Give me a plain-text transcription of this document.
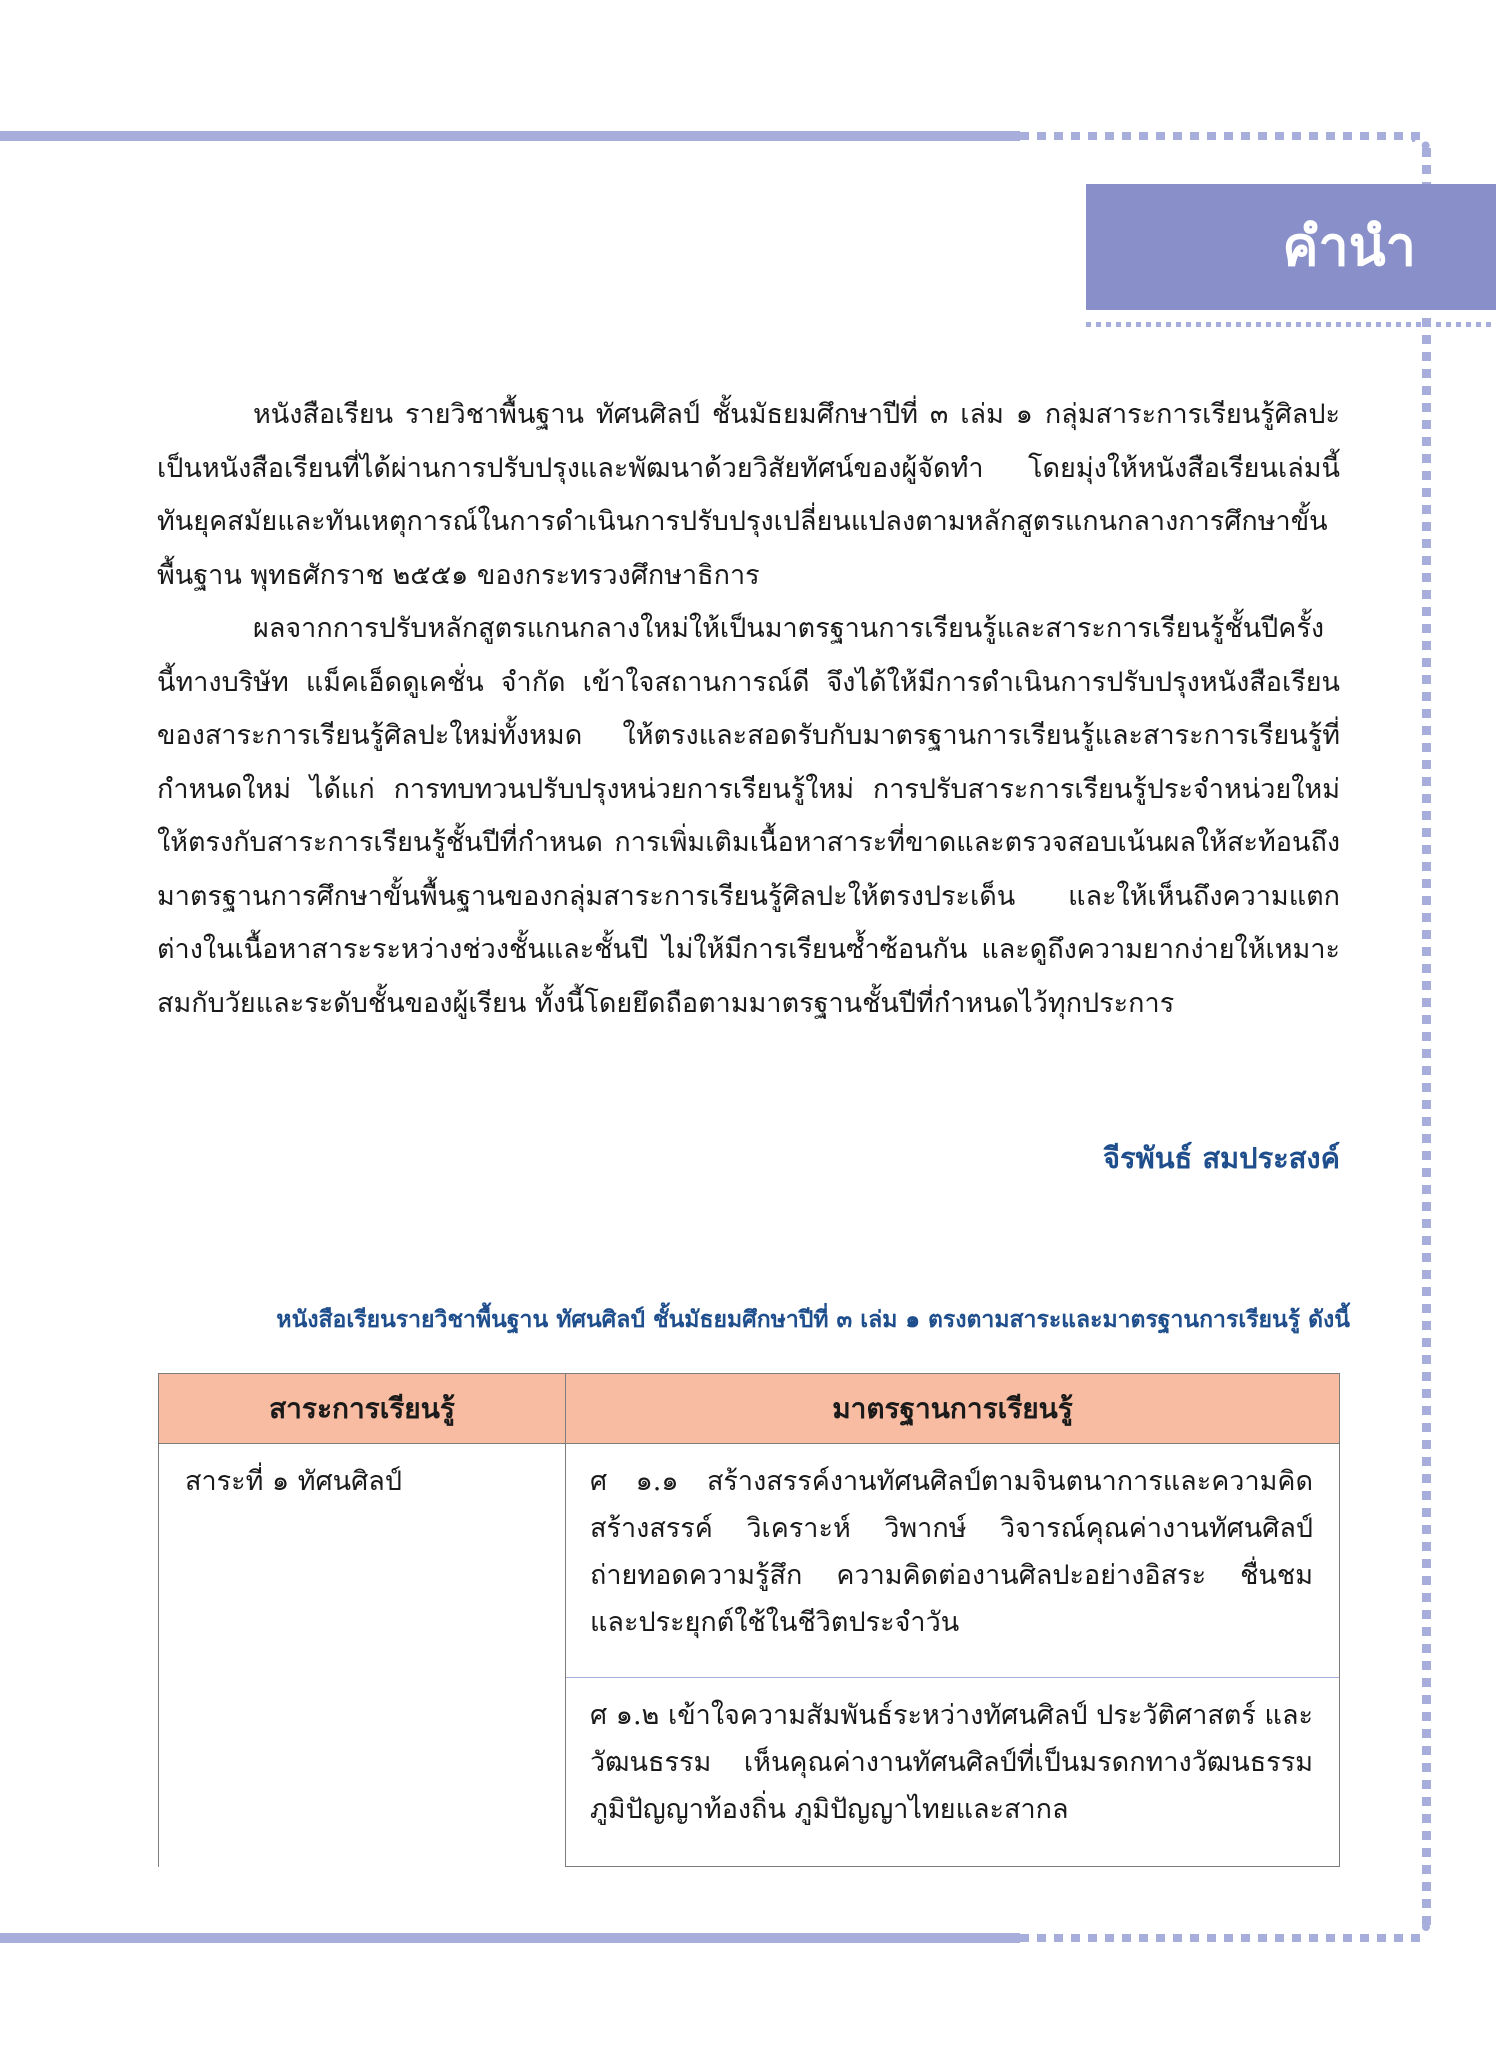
คำนำ

หนังสือเรียน รายวิชาพื้นฐาน ทัศนศิลป์ ชั้นมัธยมศึกษาปีที่ ๓ เล่ม ๑ กลุ่มสาระการเรียนรู้ศิลปะ เป็นหนังสือเรียนที่ได้ผ่านการปรับปรุงและพัฒนาด้วยวิสัยทัศน์ของผู้จัดทำ โดยมุ่งให้หนังสือเรียนเล่มนี้ทันยุคสมัยและทันเหตุการณ์ในการดำเนินการปรับปรุงเปลี่ยนแปลงตามหลักสูตรแกนกลางการศึกษาขั้นพื้นฐาน พุทธศักราช ๒๕๕๑ ของกระทรวงศึกษาธิการ

ผลจากการปรับหลักสูตรแกนกลางใหม่ให้เป็นมาตรฐานการเรียนรู้และสาระการเรียนรู้ชั้นปีครั้งนี้ทางบริษัท แม็คเอ็ดดูเคชั่น จำกัด เข้าใจสถานการณ์ดี จึงได้ให้มีการดำเนินการปรับปรุงหนังสือเรียนของสาระการเรียนรู้ศิลปะใหม่ทั้งหมด ให้ตรงและสอดรับกับมาตรฐานการเรียนรู้และสาระการเรียนรู้ที่กำหนดใหม่ ได้แก่ การทบทวนปรับปรุงหน่วยการเรียนรู้ใหม่ การปรับสาระการเรียนรู้ประจำหน่วยใหม่ให้ตรงกับสาระการเรียนรู้ชั้นปีที่กำหนด การเพิ่มเติมเนื้อหาสาระที่ขาดและตรวจสอบเน้นผลให้สะท้อนถึงมาตรฐานการศึกษาขั้นพื้นฐานของกลุ่มสาระการเรียนรู้ศิลปะให้ตรงประเด็น และให้เห็นถึงความแตกต่างในเนื้อหาสาระระหว่างช่วงชั้นและชั้นปี ไม่ให้มีการเรียนซ้ำซ้อนกัน และดูถึงความยากง่ายให้เหมาะสมกับวัยและระดับชั้นของผู้เรียน ทั้งนี้โดยยึดถือตามมาตรฐานชั้นปีที่กำหนดไว้ทุกประการ

จีรพันธ์ สมประสงค์
หนังสือเรียนรายวิชาพื้นฐาน ทัศนศิลป์ ชั้นมัธยมศึกษาปีที่ ๓ เล่ม ๑ ตรงตามสาระและมาตรฐานการเรียนรู้ ดังนี้
สาระการเรียนรู้	มาตรฐานการเรียนรู้
สาระที่ ๑ ทัศนศิลป์	ศ ๑.๑ สร้างสรรค์งานทัศนศิลป์ตามจินตนาการและความคิดสร้างสรรค์ วิเคราะห์ วิพากษ์ วิจารณ์คุณค่างานทัศนศิลป์ ถ่ายทอดความรู้สึก ความคิดต่องานศิลปะอย่างอิสระ ชื่นชม และประยุกต์ใช้ในชีวิตประจำวัน
	ศ ๑.๒ เข้าใจความสัมพันธ์ระหว่างทัศนศิลป์ ประวัติศาสตร์ และวัฒนธรรม เห็นคุณค่างานทัศนศิลป์ที่เป็นมรดกทางวัฒนธรรม ภูมิปัญญาท้องถิ่น ภูมิปัญญาไทยและสากล
